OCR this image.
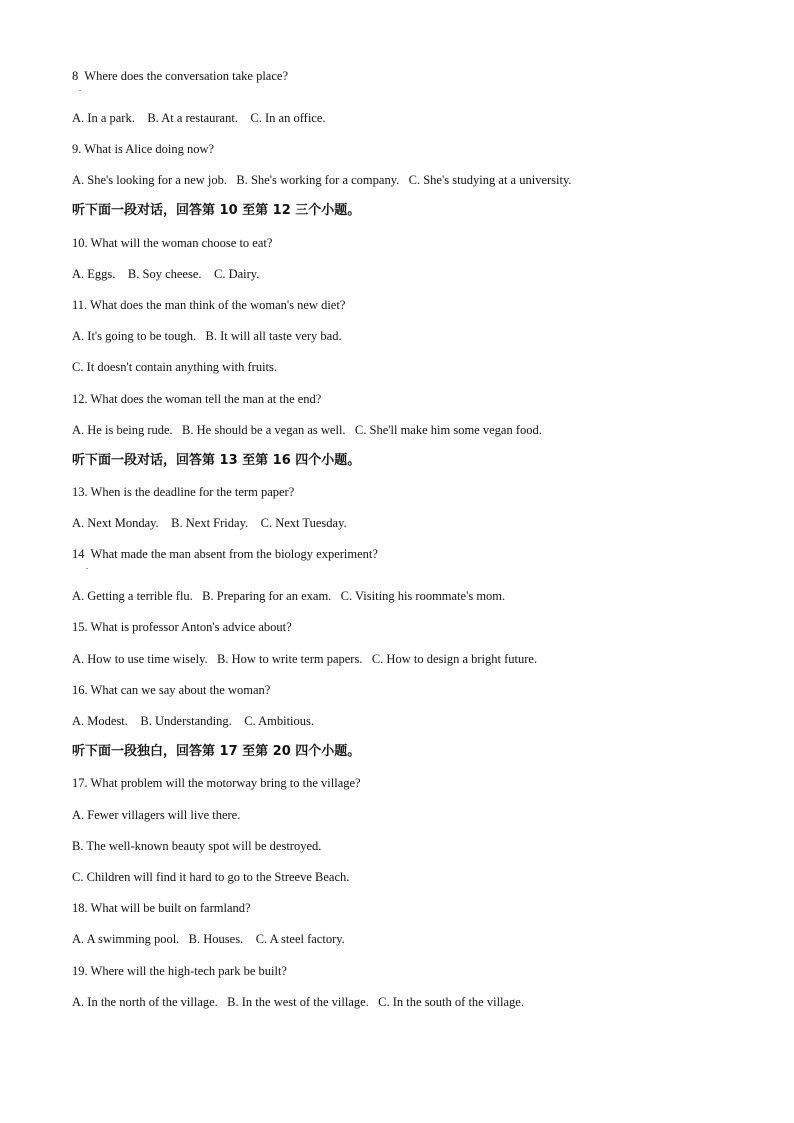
8  Where does the conversation take place?
.
A. In a park.    B. At a restaurant.    C. In an office.
9. What is Alice doing now?
A. She's looking for a new job.   B. She's working for a company.   C. She's studying at a university.
听下面一段对话，回答第 10 至第 12 三个小题。
10. What will the woman choose to eat?
A. Eggs.    B. Soy cheese.    C. Dairy.
11. What does the man think of the woman's new diet?
A. It's going to be tough.   B. It will all taste very bad.
C. It doesn't contain anything with fruits.
12. What does the woman tell the man at the end?
A. He is being rude.   B. He should be a vegan as well.   C. She'll make him some vegan food.
听下面一段对话，回答第 13 至第 16 四个小题。
13. When is the deadline for the term paper?
A. Next Monday.    B. Next Friday.    C. Next Tuesday.
14  What made the man absent from the biology experiment?
.
A. Getting a terrible flu.   B. Preparing for an exam.   C. Visiting his roommate's mom.
15. What is professor Anton's advice about?
A. How to use time wisely.   B. How to write term papers.   C. How to design a bright future.
16. What can we say about the woman?
A. Modest.    B. Understanding.    C. Ambitious.
听下面一段独白，回答第 17 至第 20 四个小题。
17. What problem will the motorway bring to the village?
A. Fewer villagers will live there.
B. The well-known beauty spot will be destroyed.
C. Children will find it hard to go to the Streeve Beach.
18. What will be built on farmland?
A. A swimming pool.   B. Houses.    C. A steel factory.
19. Where will the high-tech park be built?
A. In the north of the village.   B. In the west of the village.   C. In the south of the village.
